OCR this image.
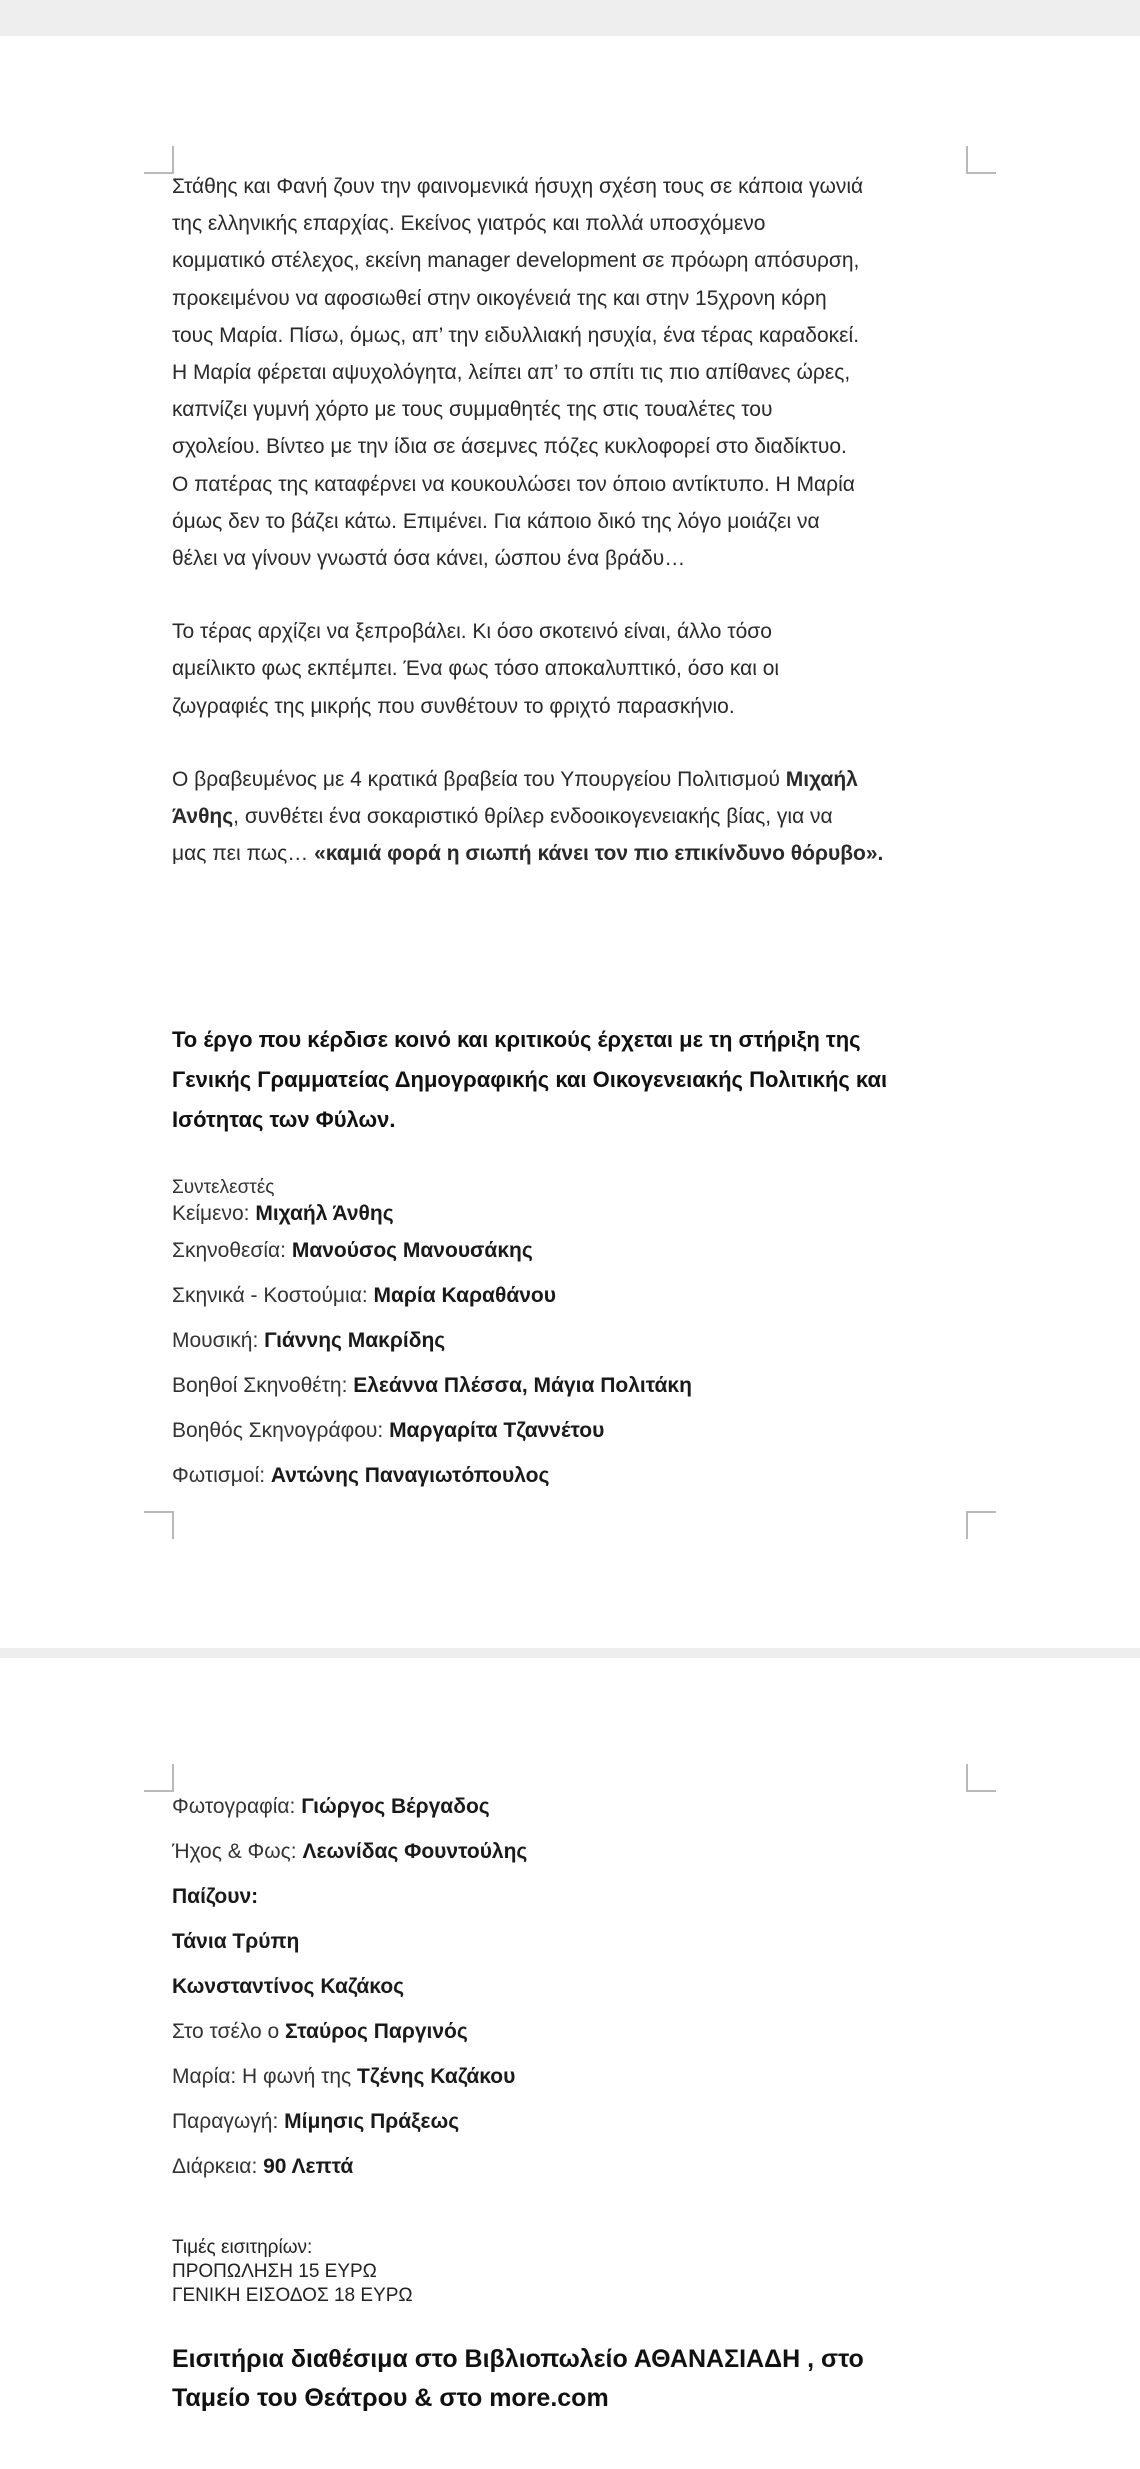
Στάθης και Φανή ζουν την φαινομενικά ήσυχη σχέση τους σε κάποια γωνιά

της ελληνικής επαρχίας. Εκείνος γιατρός και πολλά υποσχόμενο

κομματικό στέλεχος, εκείνη manager development σε πρόωρη απόσυρση,

προκειμένου να αφοσιωθεί στην οικογένειά της και στην 15χρονη κόρη

τους Μαρία. Πίσω, όμως, απ’ την ειδυλλιακή ησυχία, ένα τέρας καραδοκεί.

Η Μαρία φέρεται αψυχολόγητα, λείπει απ’ το σπίτι τις πιο απίθανες ώρες,

καπνίζει γυμνή χόρτο με τους συμμαθητές της στις τουαλέτες του

σχολείου. Βίντεο με την ίδια σε άσεμνες πόζες κυκλοφορεί στο διαδίκτυο.

Ο πατέρας της καταφέρνει να κουκουλώσει τον όποιο αντίκτυπο. Η Μαρία

όμως δεν το βάζει κάτω. Επιμένει. Για κάποιο δικό της λόγο μοιάζει να

θέλει να γίνουν γνωστά όσα κάνει, ώσπου ένα βράδυ…

Το τέρας αρχίζει να ξεπροβάλει. Κι όσο σκοτεινό είναι, άλλο τόσο

αμείλικτο φως εκπέμπει. Ένα φως τόσο αποκαλυπτικό, όσο και οι

ζωγραφιές της μικρής που συνθέτουν το φριχτό παρασκήνιο.

Ο βραβευμένος με 4 κρατικά βραβεία του Υπουργείου Πολιτισμού Μιχαήλ

Άνθης, συνθέτει ένα σοκαριστικό θρίλερ ενδοοικογενειακής βίας, για να

μας πει πως… «καμιά φορά η σιωπή κάνει τον πιο επικίνδυνο θόρυβο».

Το έργο που κέρδισε κοινό και κριτικούς έρχεται με τη στήριξη της

Γενικής Γραμματείας Δημογραφικής και Οικογενειακής Πολιτικής και

Ισότητας των Φύλων.

Συντελεστές
Κείμενο: Μιχαήλ Άνθης
Σκηνοθεσία: Μανούσος Μανουσάκης
Σκηνικά - Κοστούμια: Μαρία Καραθάνου
Μουσική: Γιάννης Μακρίδης
Βοηθοί Σκηνοθέτη: Ελεάννα Πλέσσα, Μάγια Πολιτάκη
Βοηθός Σκηνογράφου: Μαργαρίτα Τζαννέτου
Φωτισμοί: Αντώνης Παναγιωτόπουλος
Φωτογραφία: Γιώργος Βέργαδος
Ήχος & Φως: Λεωνίδας Φουντούλης
Παίζουν:
Τάνια Τρύπη
Κωνσταντίνος Καζάκος
Στο τσέλο ο Σταύρος Παργινός
Μαρία: Η φωνή της Τζένης Καζάκου
Παραγωγή: Μίμησις Πράξεως
Διάρκεια: 90 Λεπτά
Τιμές εισιτηρίων:
ΠΡΟΠΩΛΗΣΗ 15 ΕΥΡΩ
ΓΕΝΙΚΗ ΕΙΣΟΔΟΣ 18 ΕΥΡΩ

Εισιτήρια διαθέσιμα στο Βιβλιοπωλείο ΑΘΑΝΑΣΙΑΔΗ , στο

Ταμείο του Θεάτρου & στο more.com
